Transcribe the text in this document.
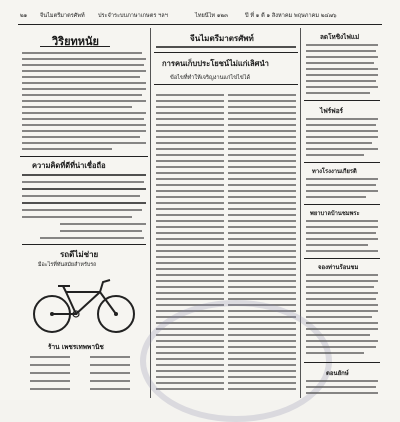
๒๑ จีนไมตรีมาตรศัพท์ ประจำระบบภาษาเกษตร ฯลฯ	ไทยนีไท ๑๒๓	ปี ที่ ๑ ตี ๑ สิงหาคม พฤษภาคม ๒๔๗๖
วิริยทหนัย
ความคิดที่ดีที่น่าเชื่อถือ
รถดีไม่ช่าย
มีอะไรที่ทันสมัยสำหรับรถ
ร้าน เพชรเทพพานิช
จีนไมตรีมาตรศัพท์
การคนเก็บประโยชน์ไม่แก่เลิศนำ
ข้อไขที่ทำให้เจริญงานแก่ไข่ไข่ได้
ลดโหชิงไฟแม่
ไฟร์ฟอร์
ทางโรงงานเกียรติ
พยาบาลบ้านชมพระ
จองท่านร้อนชม
ดอนยักษ์
